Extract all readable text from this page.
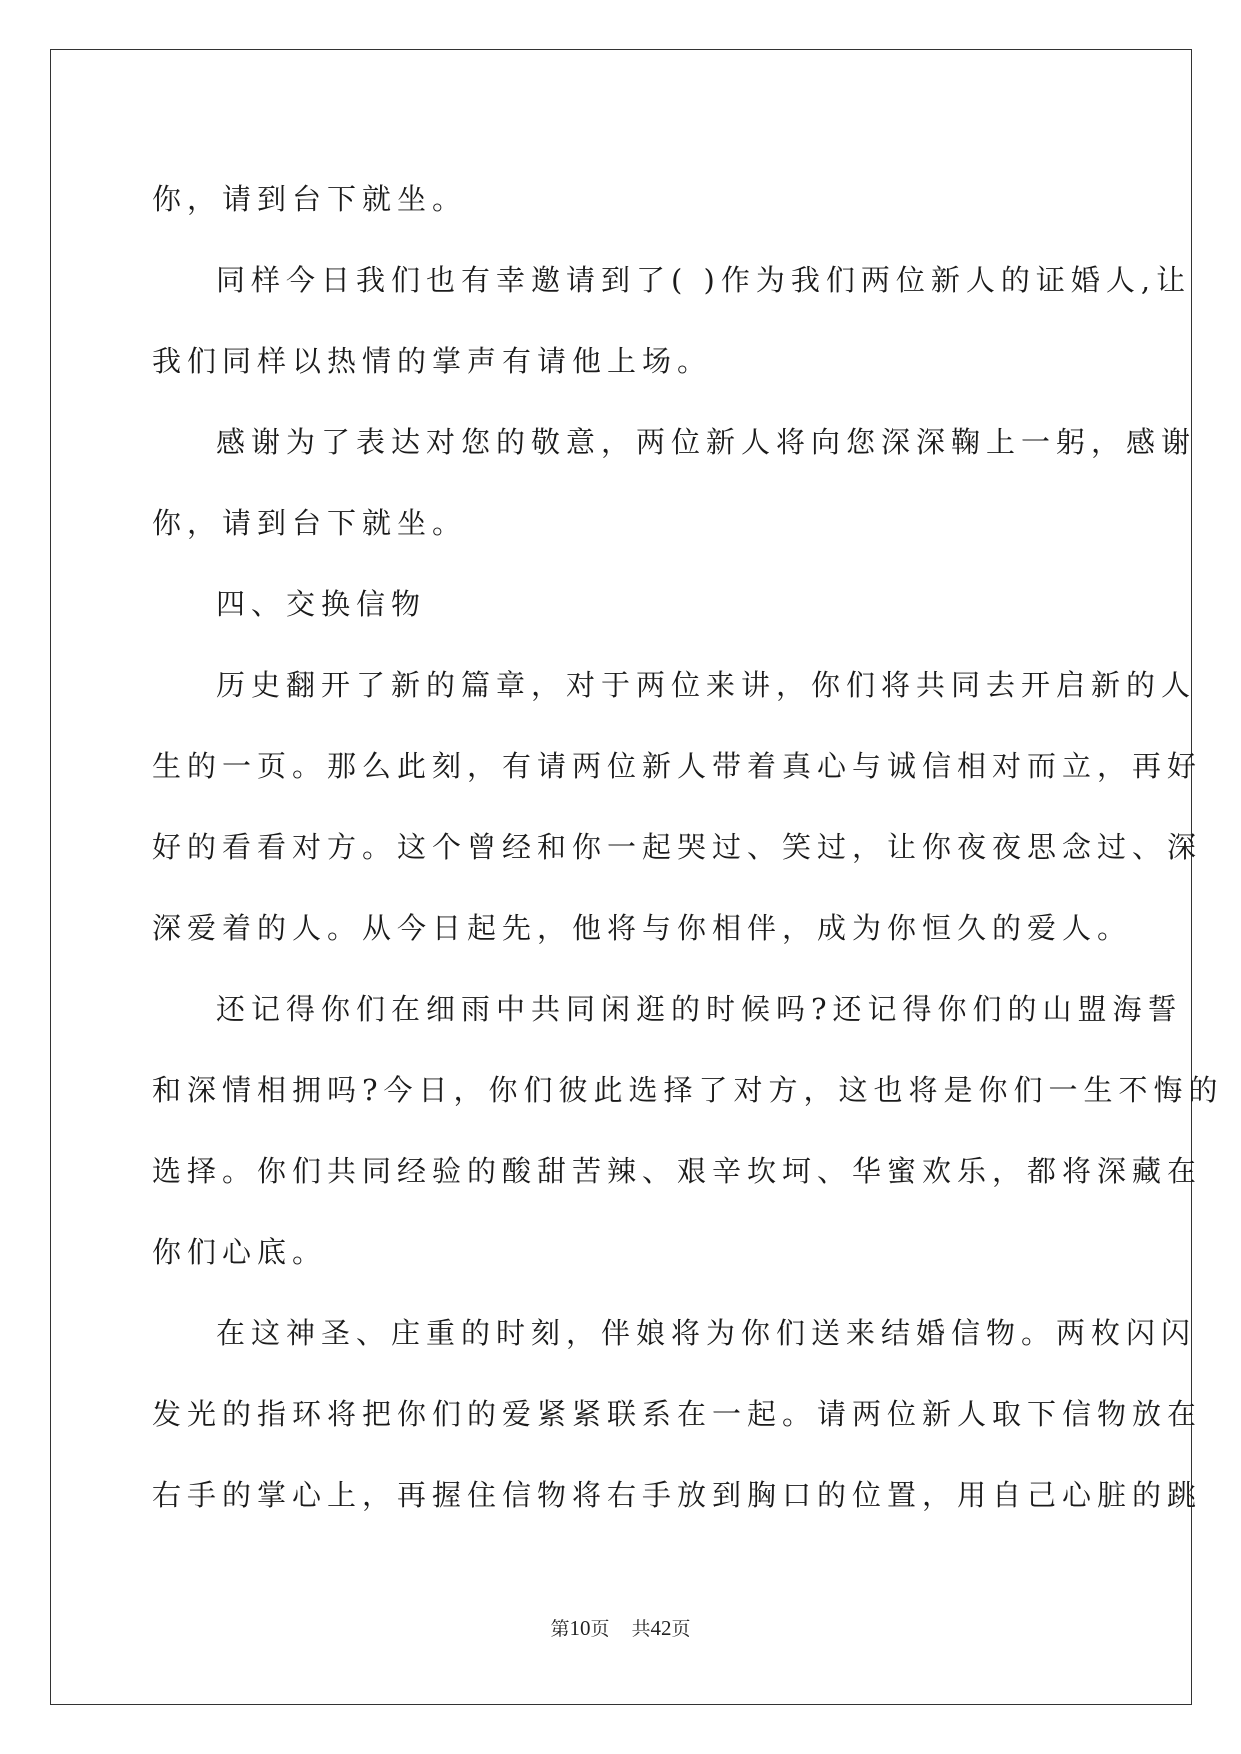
你，请到台下就坐。
同样今日我们也有幸邀请到了( )作为我们两位新人的证婚人,让
我们同样以热情的掌声有请他上场。
感谢为了表达对您的敬意，两位新人将向您深深鞠上一躬，感谢
你，请到台下就坐。
四、交换信物
历史翻开了新的篇章，对于两位来讲，你们将共同去开启新的人
生的一页。那么此刻，有请两位新人带着真心与诚信相对而立，再好
好的看看对方。这个曾经和你一起哭过、笑过，让你夜夜思念过、深
深爱着的人。从今日起先，他将与你相伴，成为你恒久的爱人。
还记得你们在细雨中共同闲逛的时候吗?还记得你们的山盟海誓
和深情相拥吗?今日，你们彼此选择了对方，这也将是你们一生不悔的
选择。你们共同经验的酸甜苦辣、艰辛坎坷、华蜜欢乐，都将深藏在
你们心底。
在这神圣、庄重的时刻，伴娘将为你们送来结婚信物。两枚闪闪
发光的指环将把你们的爱紧紧联系在一起。请两位新人取下信物放在
右手的掌心上，再握住信物将右手放到胸口的位置，用自己心脏的跳
第10页 共42页
